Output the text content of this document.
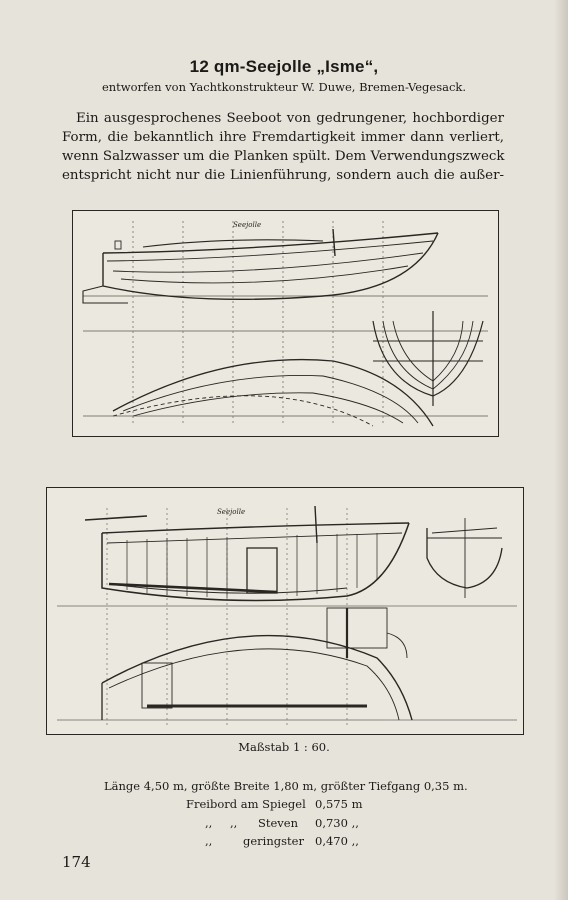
12 qm-Seejolle „Isme“,
entworfen von Yachtkonstrukteur W. Duwe, Bremen-Vegesack.
Ein ausgesprochenes Seeboot von gedrungener, hochbordiger
Form, die bekanntlich ihre Fremdartigkeit immer dann verliert,
wenn Salzwasser um die Planken spült. Dem Verwendungszweck
entspricht nicht nur die Linienführung, sondern auch die außer-
Seejolle
Seejolle
Maßstab 1 : 60.
Länge 4,50 m, größte Breite 1,80 m, größter Tiefgang 0,35 m.
Freibord am Spiegel 0,575 m
,, ,, Steven 0,730 ,,
,,	geringster 0,470 ,,
174
